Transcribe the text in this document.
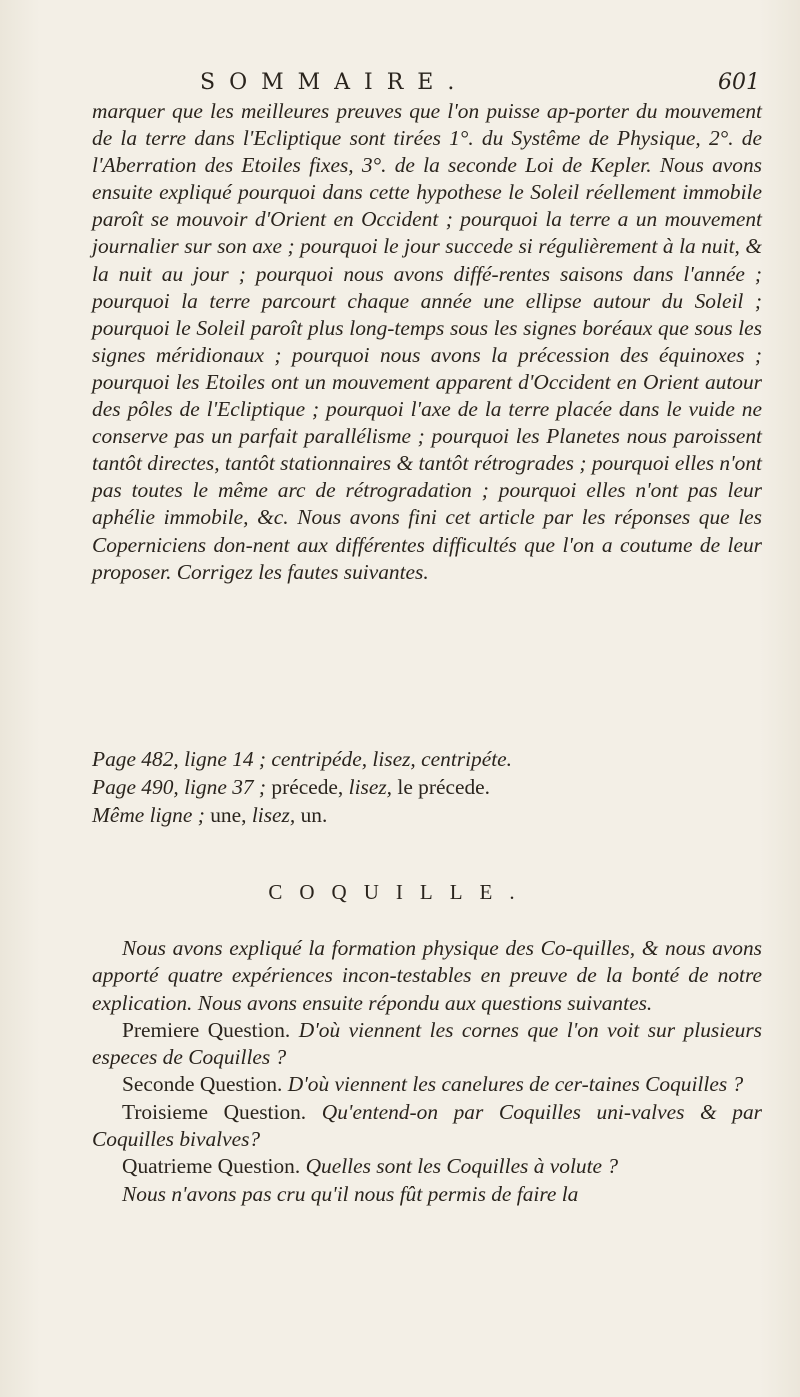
SOMMAIRE.	601

marquer que les meilleures preuves que l'on puisse ap-porter du mouvement de la terre dans l'Ecliptique sont tirées 1°. du Systême de Physique, 2°. de l'Aberration des Etoiles fixes, 3°. de la seconde Loi de Kepler. Nous avons ensuite expliqué pourquoi dans cette hypothese le Soleil réellement immobile paroît se mouvoir d'Orient en Occident ; pourquoi la terre a un mouvement journalier sur son axe ; pourquoi le jour succede si régulièrement à la nuit, & la nuit au jour ; pourquoi nous avons diffé-rentes saisons dans l'année ; pourquoi la terre parcourt chaque année une ellipse autour du Soleil ; pourquoi le Soleil paroît plus long-temps sous les signes boréaux que sous les signes méridionaux ; pourquoi nous avons la précession des équinoxes ; pourquoi les Etoiles ont un mouvement apparent d'Occident en Orient autour des pôles de l'Ecliptique ; pourquoi l'axe de la terre placée dans le vuide ne conserve pas un parfait parallélisme ; pourquoi les Planetes nous paroissent tantôt directes, tantôt stationnaires & tantôt rétrogrades ; pourquoi elles n'ont pas toutes le même arc de rétrogradation ; pourquoi elles n'ont pas leur aphélie immobile, &c. Nous avons fini cet article par les réponses que les Coperniciens don-nent aux différentes difficultés que l'on a coutume de leur proposer. Corrigez les fautes suivantes.

Page 482, ligne 14 ; centripéde, lisez, centripéte.
Page 490, ligne 37 ; précede, lisez, le précede.
Même ligne ; une, lisez, un.
COQUILLE.

Nous avons expliqué la formation physique des Co-quilles, & nous avons apporté quatre expériences incon-testables en preuve de la bonté de notre explication. Nous avons ensuite répondu aux questions suivantes.

Premiere Question. D'où viennent les cornes que l'on voit sur plusieurs especes de Coquilles ?

Seconde Question. D'où viennent les canelures de cer-taines Coquilles ?

Troisieme Question. Qu'entend-on par Coquilles uni-valves & par Coquilles bivalves?

Quatrieme Question. Quelles sont les Coquilles à volute ?

Nous n'avons pas cru qu'il nous fût permis de faire la
